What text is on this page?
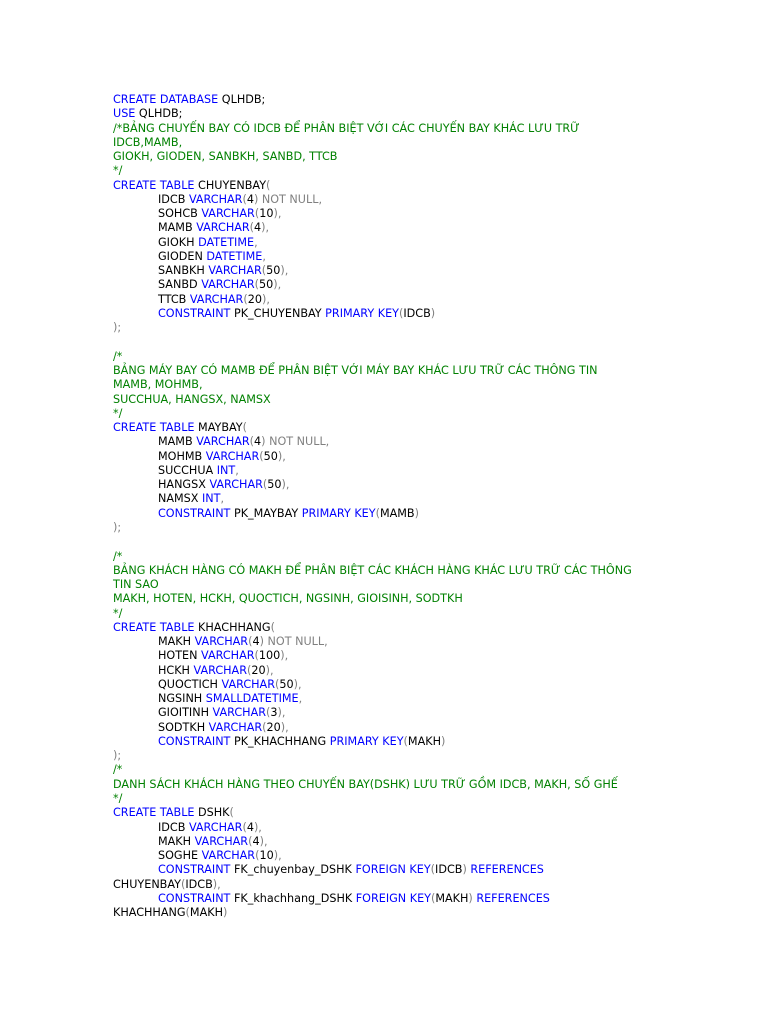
CREATE DATABASE QLHDB;
USE QLHDB;
/*BẢNG CHUYẾN BAY CÓ IDCB ĐỂ PHÂN BIỆT VỚI CÁC CHUYẾN BAY KHÁC LƯU TRỮ
IDCB,MAMB,
GIOKH, GIODEN, SANBKH, SANBD, TTCB
*/
CREATE TABLE CHUYENBAY(
IDCB VARCHAR(4) NOT NULL,
SOHCB VARCHAR(10),
MAMB VARCHAR(4),
GIOKH DATETIME,
GIODEN DATETIME,
SANBKH VARCHAR(50),
SANBD VARCHAR(50),
TTCB VARCHAR(20),
CONSTRAINT PK_CHUYENBAY PRIMARY KEY(IDCB)
);
/*
BẢNG MÁY BAY CÓ MAMB ĐỂ PHÂN BIỆT VỚI MÁY BAY KHÁC LƯU TRỮ CÁC THÔNG TIN
MAMB, MOHMB,
SUCCHUA, HANGSX, NAMSX
*/
CREATE TABLE MAYBAY(
MAMB VARCHAR(4) NOT NULL,
MOHMB VARCHAR(50),
SUCCHUA INT,
HANGSX VARCHAR(50),
NAMSX INT,
CONSTRAINT PK_MAYBAY PRIMARY KEY(MAMB)
);
/*
BẢNG KHÁCH HÀNG CÓ MAKH ĐỂ PHÂN BIỆT CÁC KHÁCH HÀNG KHÁC LƯU TRỮ CÁC THÔNG
TIN SAO
MAKH, HOTEN, HCKH, QUOCTICH, NGSINH, GIOISINH, SODTKH
*/
CREATE TABLE KHACHHANG(
MAKH VARCHAR(4) NOT NULL,
HOTEN VARCHAR(100),
HCKH VARCHAR(20),
QUOCTICH VARCHAR(50),
NGSINH SMALLDATETIME,
GIOITINH VARCHAR(3),
SODTKH VARCHAR(20),
CONSTRAINT PK_KHACHHANG PRIMARY KEY(MAKH)
);
/*
DANH SÁCH KHÁCH HÀNG THEO CHUYẾN BAY(DSHK) LƯU TRỮ GỒM IDCB, MAKH, SỐ GHẾ
*/
CREATE TABLE DSHK(
IDCB VARCHAR(4),
MAKH VARCHAR(4),
SOGHE VARCHAR(10),
CONSTRAINT FK_chuyenbay_DSHK FOREIGN KEY(IDCB) REFERENCES
CHUYENBAY(IDCB),
CONSTRAINT FK_khachhang_DSHK FOREIGN KEY(MAKH) REFERENCES
KHACHHANG(MAKH)
